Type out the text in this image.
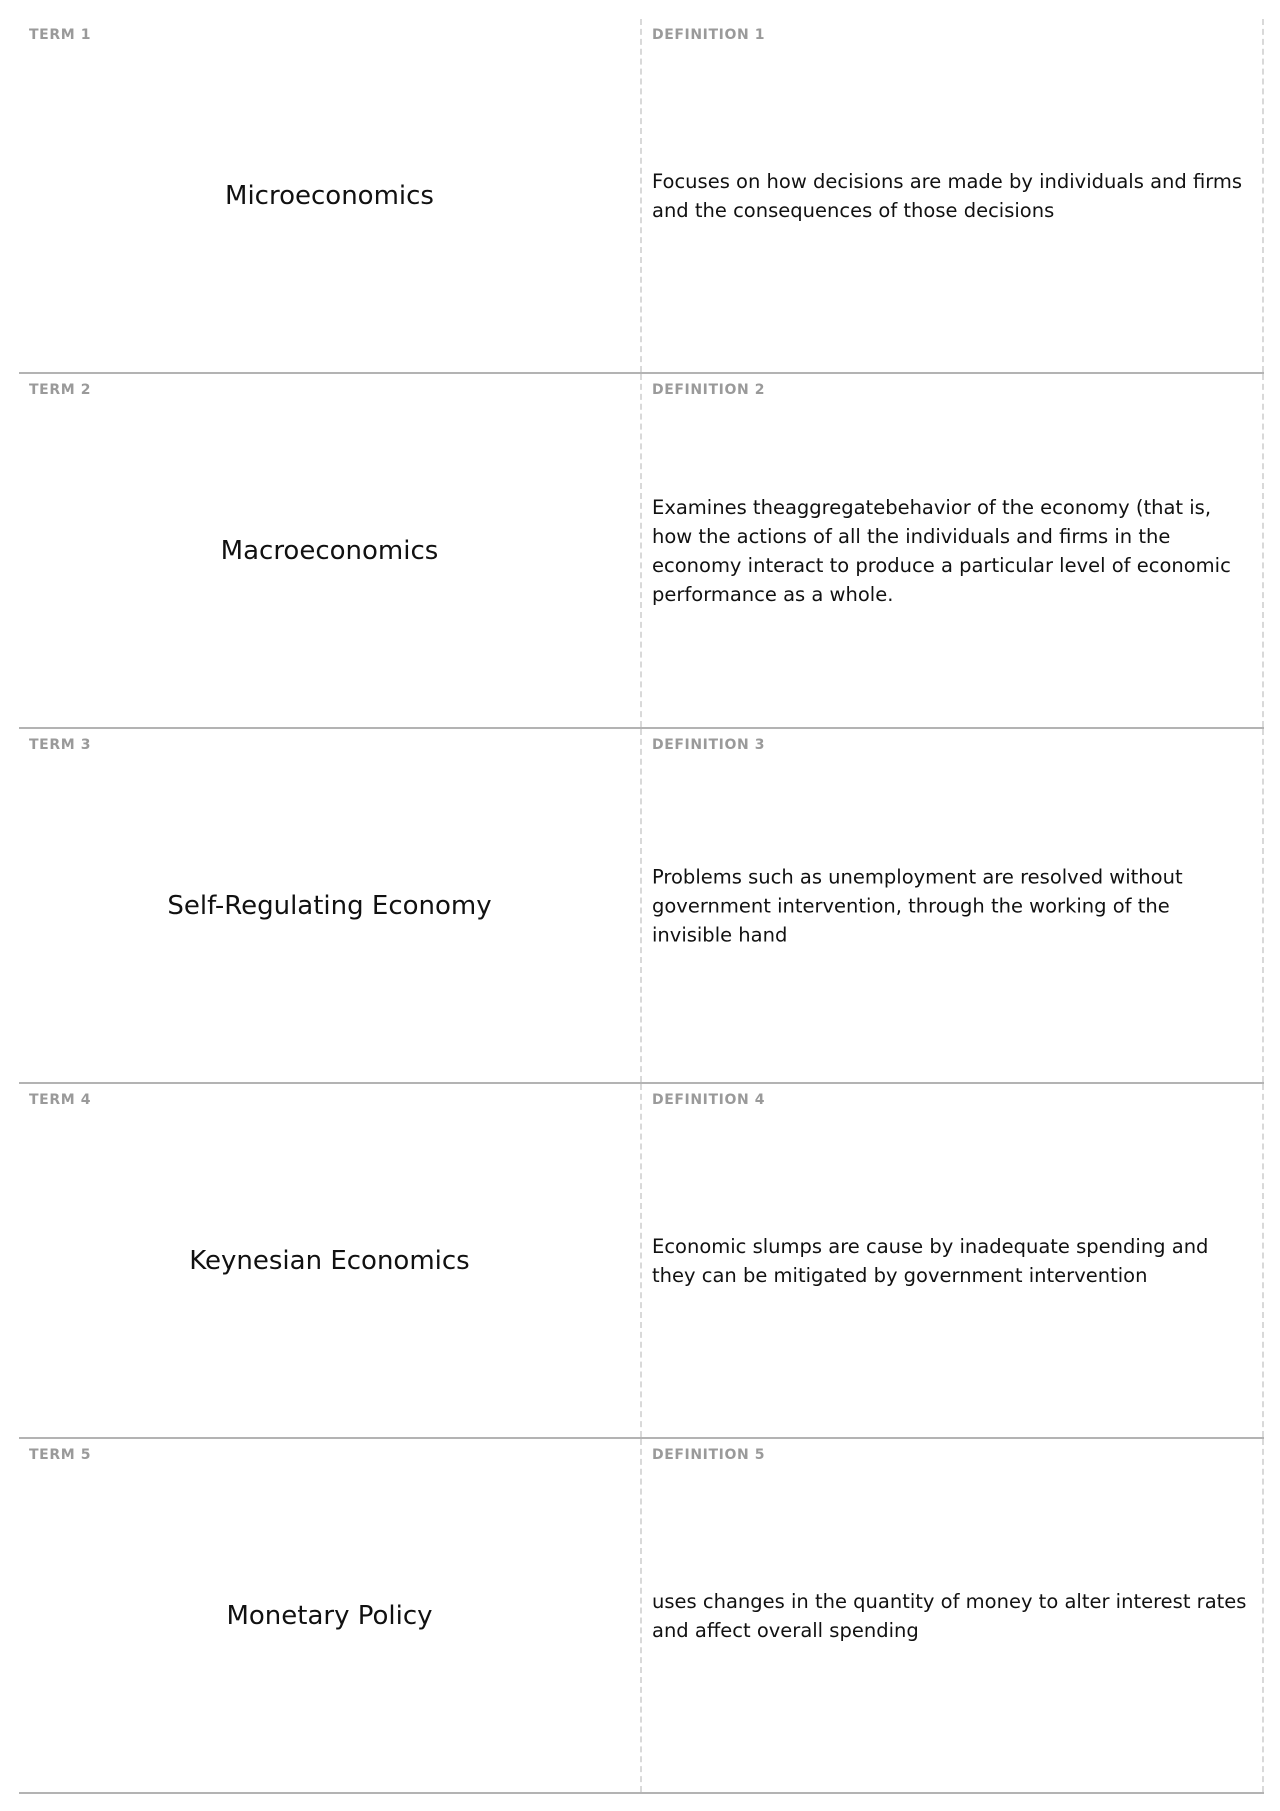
TERM 1
Microeconomics
DEFINITION 1
Focuses on how decisions are made by individuals and firms and the consequences of those decisions
TERM 2
Macroeconomics
DEFINITION 2
Examines theaggregatebehavior of the economy (that is, how the actions of all the individuals and firms in the economy interact to produce a particular level of economic performance as a whole.
TERM 3
Self-Regulating Economy
DEFINITION 3
Problems such as unemployment are resolved without government intervention, through the working of the invisible hand
TERM 4
Keynesian Economics
DEFINITION 4
Economic slumps are cause by inadequate spending and they can be mitigated by government intervention
TERM 5
Monetary Policy
DEFINITION 5
uses changes in the quantity of money to alter interest rates and affect overall spending
